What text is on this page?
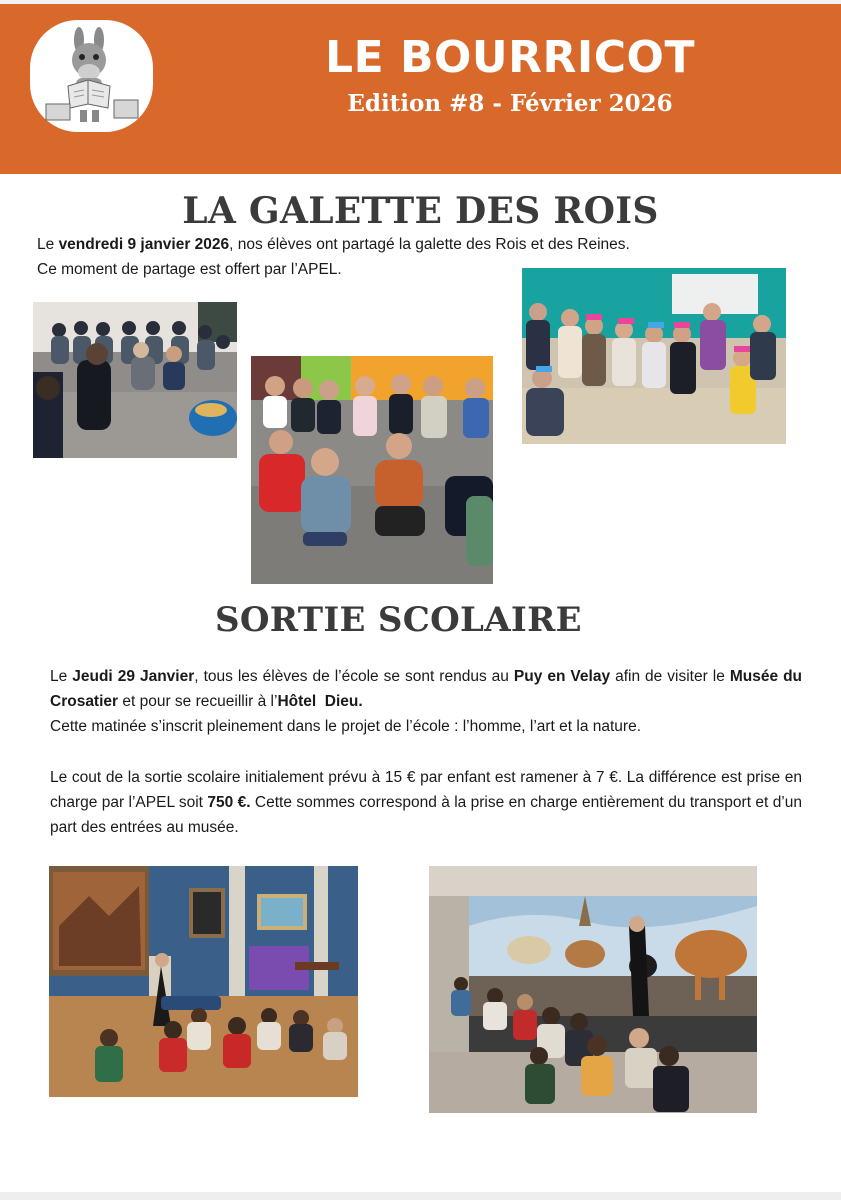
LE BOURRICOT
Edition #8 - Février 2026
LA GALETTE DES ROIS
Le vendredi 9 janvier 2026, nos élèves ont partagé la galette des Rois et des Reines.
Ce moment de partage est offert par l’APEL.
SORTIE SCOLAIRE
Le Jeudi 29 Janvier, tous les élèves de l’école se sont rendus au Puy en Velay afin de visiter le Musée du Crosatier et pour se recueillir à l’Hôtel  Dieu.
Cette matinée s’inscrit pleinement dans le projet de l’école : l’homme, l’art et la nature.
Le cout de la sortie scolaire initialement prévu à 15 € par enfant est ramener à 7 €. La différence est prise en charge par l’APEL soit 750 €. Cette sommes correspond à la prise en charge entièrement du transport et d’un part des entrées au musée.
